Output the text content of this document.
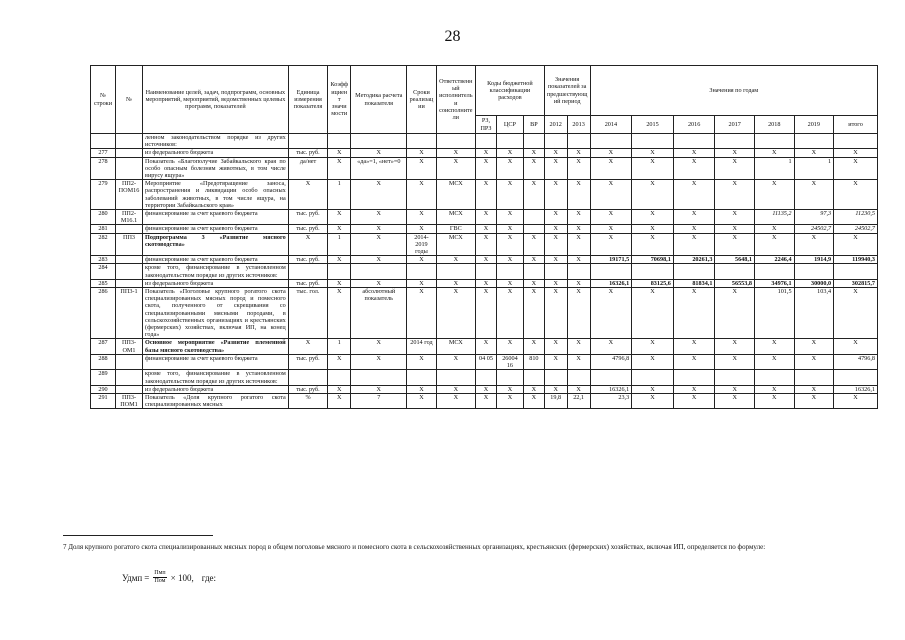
28
№ строки	№	Наименование целей, задач, подпрограмм, основных мероприятий, мероприятий, ведомственных целевых программ, показателей	Единица измерения показателя	Коэффициент значимости	Методика расчета показателя	Сроки реализации	Ответственный исполнитель и соисполнители	Коды бюджетной классификации расходов			Значения показателей за предшествующий период		Значения по годам						
								РЗ, ПРЗ	ЦСР	ВР	2012	2013	2014	2015	2016	2017	2018	2019	итого
		ленном законодательством порядке из других источников:																	
277		из федерального бюджета	тыс. руб.	X	X	X	X	X	X	X	X	X	X	X	X	X	X	X	X
278		Показатель «Благополучие Забайкальского края по особо опасным болезням животных, в том числе вирусу ящура»	да/нет	X	«да»=1, «нет»=0	X	X	X	X	X	X	X	X	X	X	X	1	1	X
279	ПП2-ПОМ16	Мероприятие «Предотвращение заноса, распространения и ликвидации особо опасных заболеваний животных, в том числе ящура, на территории Забайкальского края»	X	1	X	X	МСХ	X	X	X	X	X	X	X	X	X	X	X	X
280	ПП2-М16.1	финансирование за счет краевого бюджета	тыс. руб.	X	X	X	МСХ	X	X		X	X	X	X	X	X	11135,2	97,3	11230,5
281		финансирование за счет краевого бюджета	тыс. руб.	X	X	X	ГВС	X	X		X	X	X	X	X	X	X	24502,7	24502,7
282	ПП3	Подпрограмма 3 «Развитие мясного скотоводства»	X	1	X	2014-2019 годы	МСХ	X	X	X	X	X	X	X	X	X	X	X	X
283		финансирование за счет краевого бюджета	тыс. руб.	X	X	X	X	X	X	X	X	X	19171,5	70698,1	20261,3	5648,1	2246,4	1914,9	119940,3
284		кроме того, финансирование в установленном законодательством порядке из других источников:																	
285		из федерального бюджета	тыс. руб.	X	X	X	X	X	X	X	X	X	16326,1	83125,6	81834,1	56553,8	34976,1	30000,0	302815,7
286	ПП3-1	Показатель «Поголовье крупного рогатого скота специализированных мясных пород и помесного скота, полученного от скрещивания со специализированными мясными породами, в сельскохозяйственных организациях и крестьянских (фермерских) хозяйствах, включая ИП, на конец года»	тыс. гол.	X	абсолютный показатель	X	X	X	X	X	X	X	X	X	X	X	101,5	103,4	X
287	ПП3-ОМ1	Основное мероприятие «Развитие племенной базы мясного скотоводства»	X	1	X	2014 год	МСХ	X	X	X	X	X	X	X	X	X	X	X	X
288		финансирование за счет краевого бюджета	тыс. руб.	X	X	X	X	04 05	26004 16	810	X	X	4796,8	X	X	X	X	X	4796,8
289		кроме того, финансирование в установленном законодательством порядке из других источников:																	
290		из федерального бюджета	тыс. руб.	X	X	X	X	X	X	X	X	X	16326,1	X	X	X	X	X	16326,1
291	ПП3-ПОМ1	Показатель «Доля крупного рогатого скота специализированных мясных	%	X	7	X	X	X	X	X	19,8	22,1	23,3	X	X	X	X	X	X
7 Доля крупного рогатого скота специализированных мясных пород в общем поголовье мясного и помесного скота в сельскохозяйственных организациях, крестьянских (фермерских) хозяйствах, включая ИП, определяется по формуле:
Удмп = $\frac{\text{Пмп}}{\text{Пом}} \times 100$, где:
